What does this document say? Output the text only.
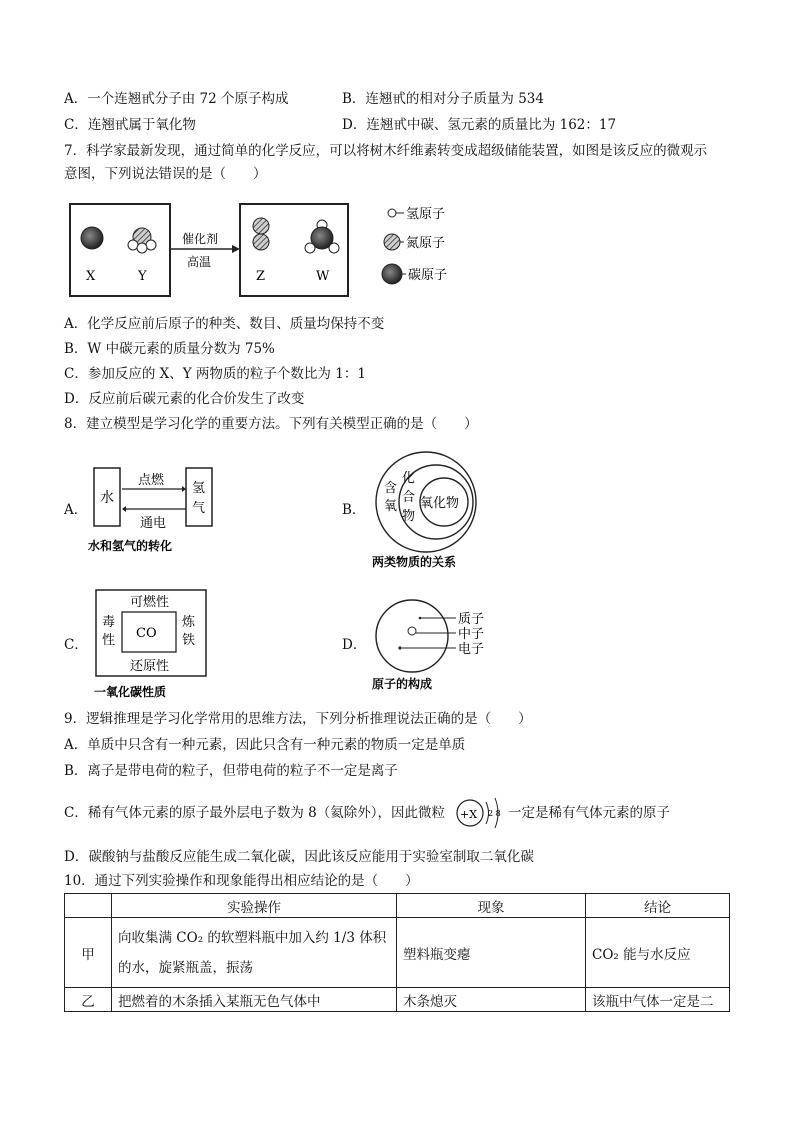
A．一个连翘甙分子由 72 个原子构成	B．连翘甙的相对分子质量为 534
C．连翘甙属于氧化物	D．连翘甙中碳、氢元素的质量比为 162：17
7．科学家最新发现，通过简单的化学反应，可以将树木纤维素转变成超级储能装置，如图是该反应的微观示
意图，下列说法错误的是（　　）
X	Y
催化剂
高温
Z	W
氢原子
氮原子
碳原子
A．化学反应前后原子的种类、数目、质量均保持不变
B．W 中碳元素的质量分数为 75%
C．参加反应的 X、Y 两物质的粒子个数比为 1：1
D．反应前后碳元素的化合价发生了改变
8．建立模型是学习化学的重要方法。下列有关模型正确的是（　　）
A．
水
氢
气
点燃
通电
水和氢气的转化
B．
含
氧
化
合
物
氧化物
两类物质的关系
C．
可燃性
毒
性
炼
铁
CO
还原性
一氧化碳性质
D．
质子
中子
电子
原子的构成
9．逻辑推理是学习化学常用的思维方法，下列分析推理说法正确的是（　　）
A．单质中只含有一种元素，因此只含有一种元素的物质一定是单质
B．离子是带电荷的粒子，但带电荷的粒子不一定是离子
C．稀有气体元素的原子最外层电子数为 8（氦除外），因此微粒 +X 2 8 一定是稀有气体元素的原子
D．碳酸钠与盐酸反应能生成二氧化碳，因此该反应能用于实验室制取二氧化碳
10．通过下列实验操作和现象能得出相应结论的是（　　）
	实验操作	现象	结论
甲	向收集满 CO₂ 的软塑料瓶中加入约 1/3 体积
的水，旋紧瓶盖，振荡	塑料瓶变瘪	CO₂ 能与水反应
乙	把燃着的木条插入某瓶无色气体中	木条熄灭	该瓶中气体一定是二
